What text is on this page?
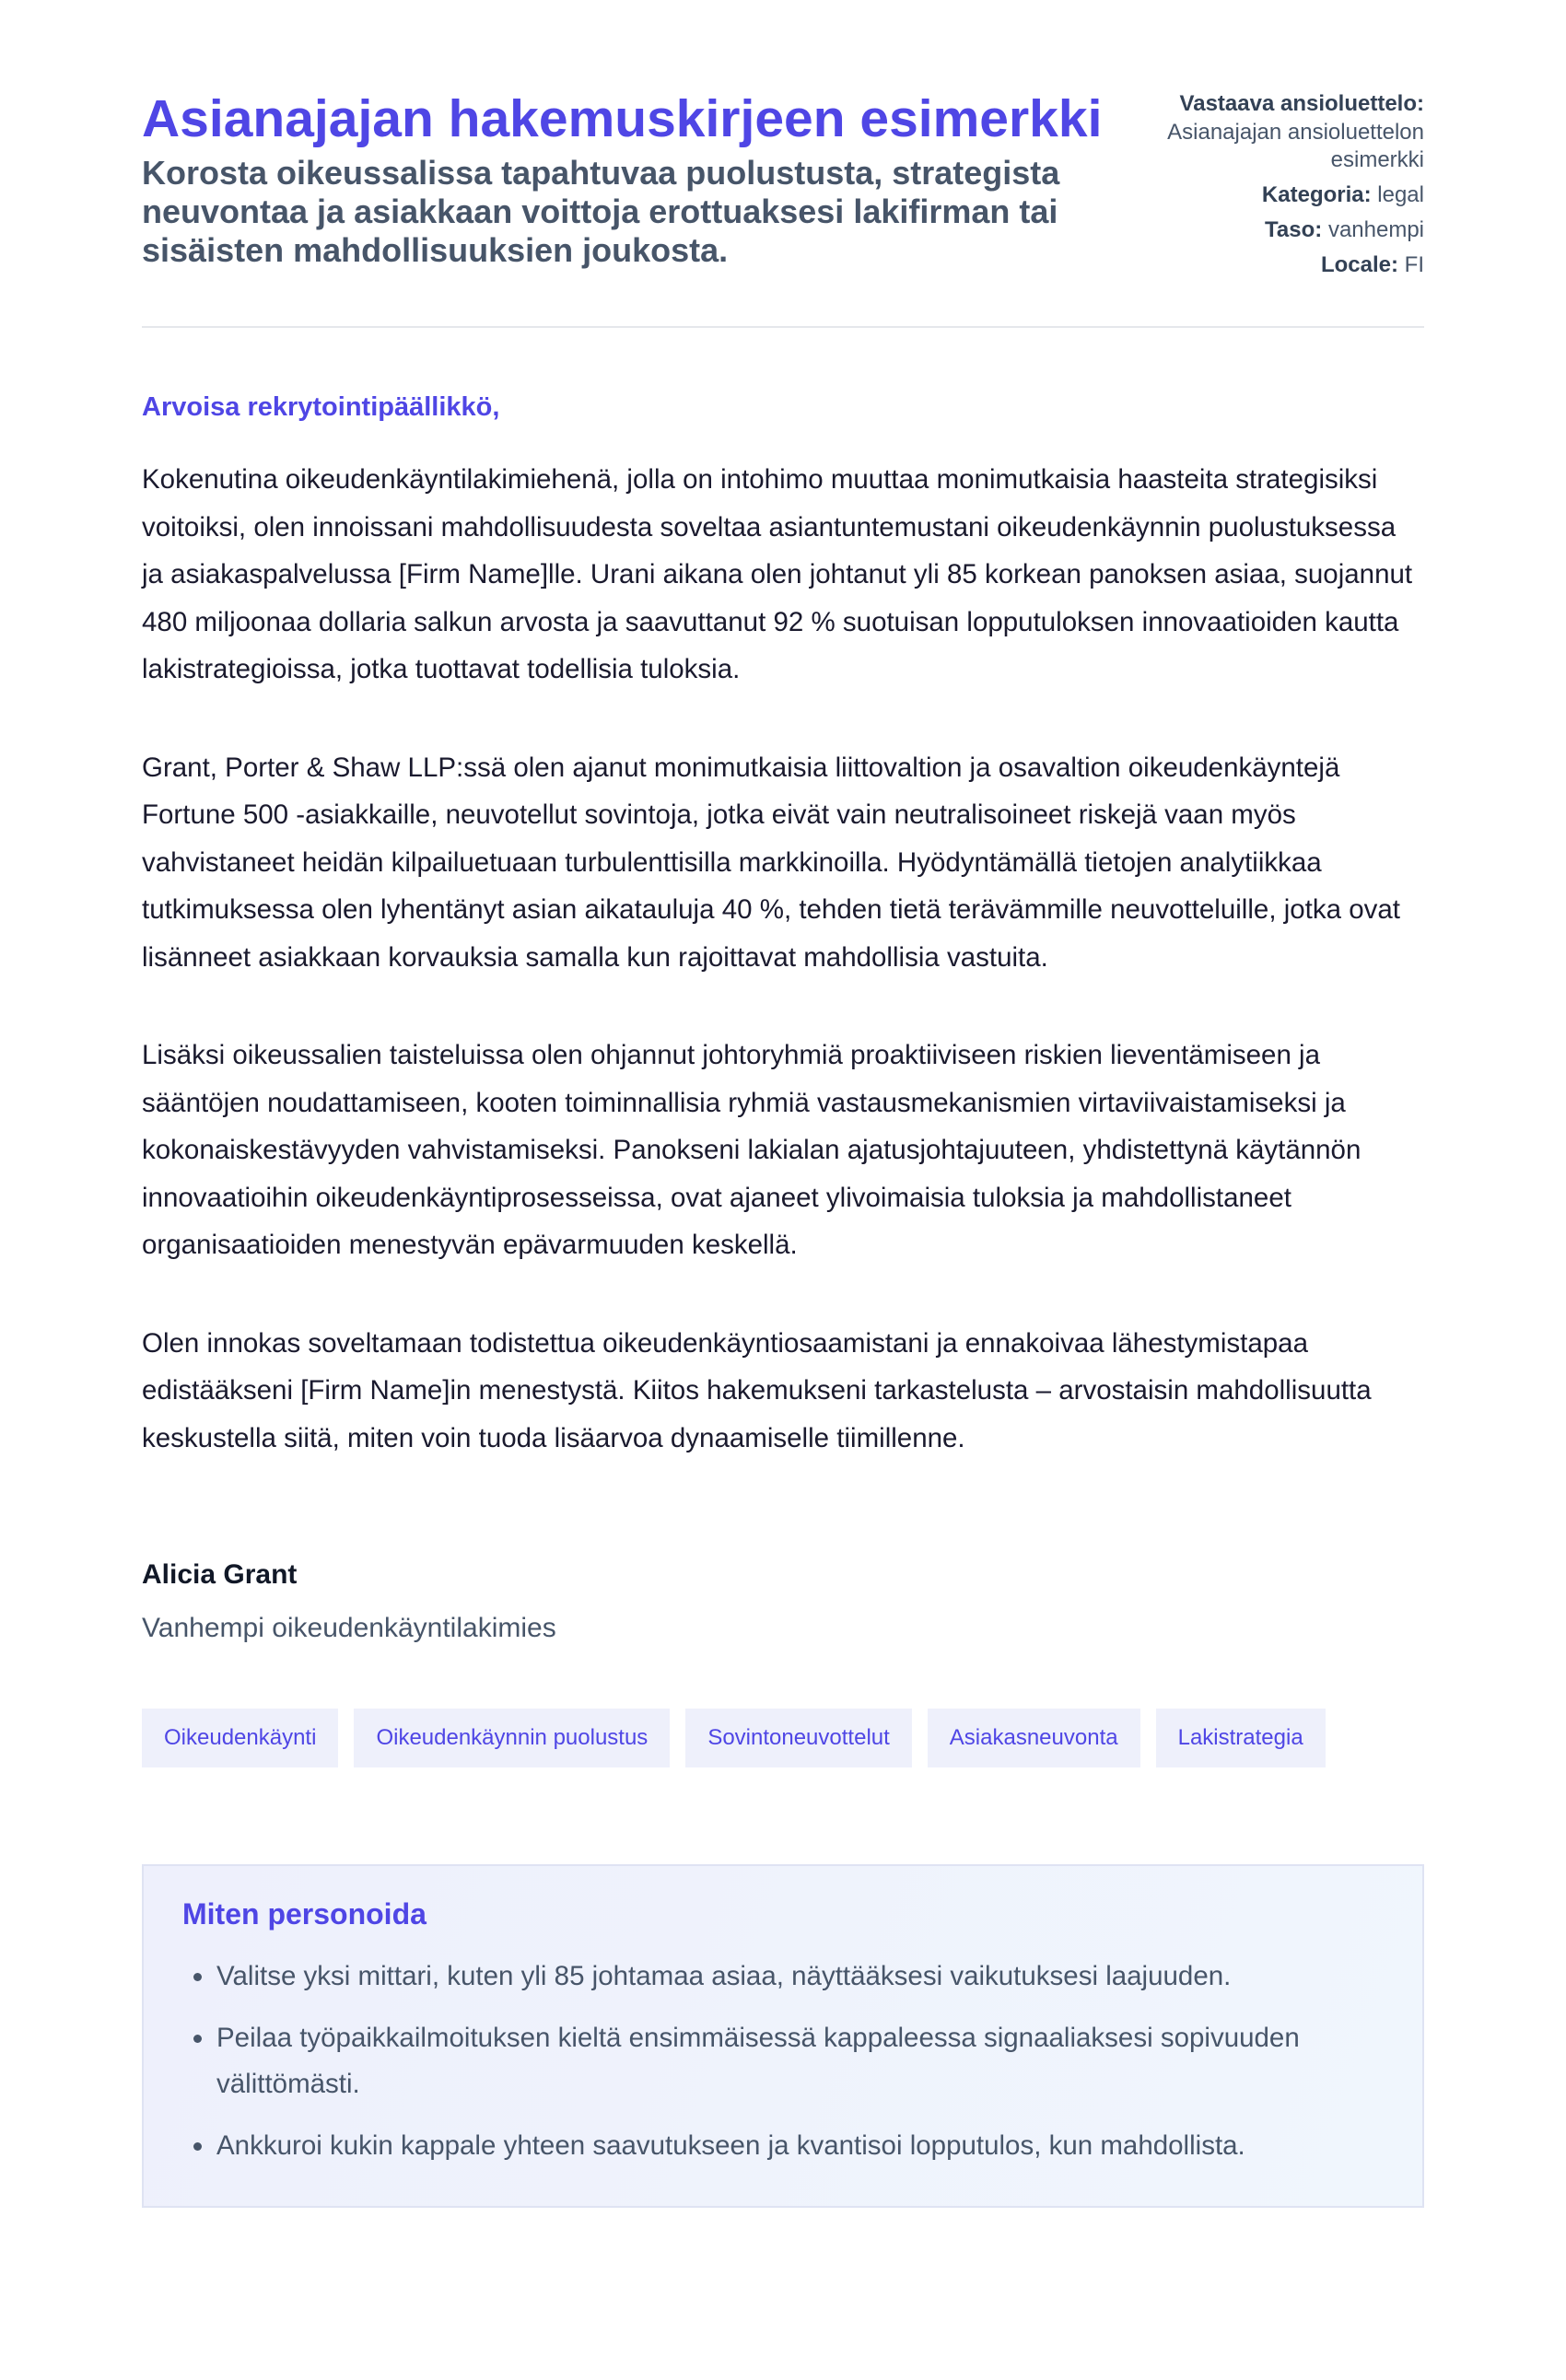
Asianajajan hakemuskirjeen esimerkki

Korosta oikeussalissa tapahtuvaa puolustusta, strategista neuvontaa ja asiakkaan voittoja erottuaksesi lakifirman tai sisäisten mahdollisuuksien joukosta.

Vastaava ansioluettelo:
Asianajajan ansioluettelon esimerkki
Kategoria: legal
Taso: vanhempi
Locale: FI
Arvoisa rekrytointipäällikkö,

Kokenutina oikeudenkäyntilakimiehenä, jolla on intohimo muuttaa monimutkaisia haasteita strategisiksi voitoiksi, olen innoissani mahdollisuudesta soveltaa asiantuntemustani oikeudenkäynnin puolustuksessa ja asiakaspalvelussa [Firm Name]lle. Urani aikana olen johtanut yli 85 korkean panoksen asiaa, suojannut 480 miljoonaa dollaria salkun arvosta ja saavuttanut 92 % suotuisan lopputuloksen innovaatioiden kautta lakistrategioissa, jotka tuottavat todellisia tuloksia.

Grant, Porter & Shaw LLP:ssä olen ajanut monimutkaisia liittovaltion ja osavaltion oikeudenkäyntejä Fortune 500 -asiakkaille, neuvotellut sovintoja, jotka eivät vain neutralisoineet riskejä vaan myös vahvistaneet heidän kilpailuetuaan turbulenttisilla markkinoilla. Hyödyntämällä tietojen analytiikkaa tutkimuksessa olen lyhentänyt asian aikatauluja 40 %, tehden tietä terävämmille neuvotteluille, jotka ovat lisänneet asiakkaan korvauksia samalla kun rajoittavat mahdollisia vastuita.

Lisäksi oikeussalien taisteluissa olen ohjannut johtoryhmiä proaktiiviseen riskien lieventämiseen ja sääntöjen noudattamiseen, kooten toiminnallisia ryhmiä vastausmekanismien virtaviivaistamiseksi ja kokonaiskestävyyden vahvistamiseksi. Panokseni lakialan ajatusjohtajuuteen, yhdistettynä käytännön innovaatioihin oikeudenkäyntiprosesseissa, ovat ajaneet ylivoimaisia tuloksia ja mahdollistaneet organisaatioiden menestyvän epävarmuuden keskellä.

Olen innokas soveltamaan todistettua oikeudenkäyntiosaamistani ja ennakoivaa lähestymistapaa edistääkseni [Firm Name]in menestystä. Kiitos hakemukseni tarkastelusta – arvostaisin mahdollisuutta keskustella siitä, miten voin tuoda lisäarvoa dynaamiselle tiimillenne.

Alicia Grant
Vanhempi oikeudenkäyntilakimies
Oikeudenkäynti	Oikeudenkäynnin puolustus	Sovintoneuvottelut	Asiakasneuvonta	Lakistrategia
Miten personoida
• Valitse yksi mittari, kuten yli 85 johtamaa asiaa, näyttääksesi vaikutuksesi laajuuden.
• Peilaa työpaikkailmoituksen kieltä ensimmäisessä kappaleessa signaaliaksesi sopivuuden välittömästi.
• Ankkuroi kukin kappale yhteen saavutukseen ja kvantisoi lopputulos, kun mahdollista.
